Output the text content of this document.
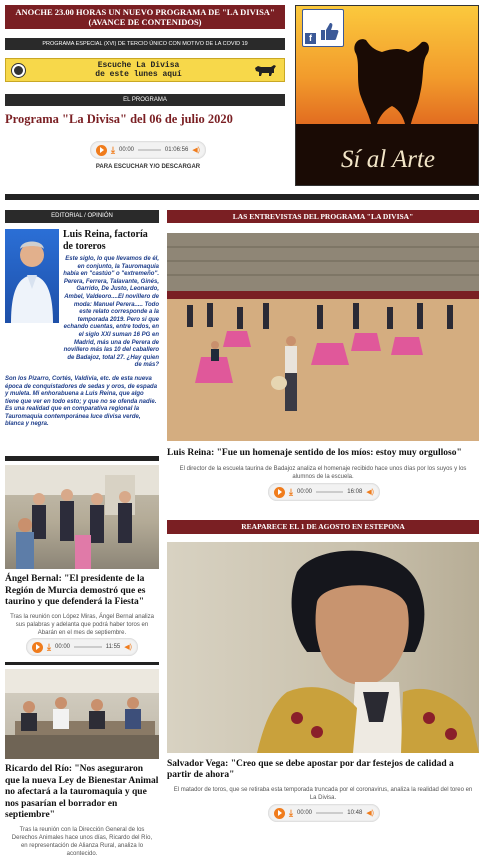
ANOCHE 23.00 HORAS UN NUEVO PROGRAMA DE "LA DIVISA"
(AVANCE DE CONTENIDOS)
PROGRAMA ESPECIAL (XVI) DE TERCIO ÚNICO CON MOTIVO DE LA COVID 19
Escuche La Divisa
de este lunes aquí
EL PROGRAMA
Programa "La Divisa" del 06 de julio 2020
⤓ 00:00	01:06:56 ◀)
PARA ESCUCHAR Y/O DESCARGAR	Sí al Arte
f
EDITORIAL / OPINIÓN
Luis Reina, factoría de toreros
Este siglo, lo que llevamos de él, en conjunto, la Tauromaquia había en "castúo" o "extremeño". Perera, Ferrera, Talavante, Ginés, Garrido, De Justo, Leonardo, Ambel, Valdeoro....El novillero de moda: Manuel Perera..... Todo este relato corresponde a la temporada 2019. Pero si que echando cuentas, entre todos, en el siglo XXI suman 16 PG en Madrid, más una de Perera de novillero más las 10 del caballero de Badajoz, total 27. ¿Hay quien de más?
Son los Pizarro, Cortés, Valdivia, etc. de esta nueva época de conquistadores de sedas y oros, de espada y muleta. Mi enhorabuena a Luis Reina, que algo tiene que ver en todo esto; y que no se ofenda nadie. Es una realidad que en comparativa regional la Tauromaquia contemporánea luce divisa verde, blanca y negra.
Ángel Bernal: "El presidente de la Región de Murcia demostró que es taurino y que defenderá la Fiesta"
Tras la reunión con López Miras, Ángel Bernal analiza sus palabras y adelanta que podrá haber toros en Abarán en el mes de septiembre.
⤓ 00:00	11:55 ◀)
Ricardo del Río: "Nos aseguraron que la nueva Ley de Bienestar Animal no afectará a la tauromaquia y que nos pasarían el borrador en septiembre"
Tras la reunión con la Dirección General de los Derechos Animales hace unos días, Ricardo del Río, en representación de Alianza Rural, analiza lo acontecido.
LAS ENTREVISTAS DEL PROGRAMA "LA DIVISA"
Luis Reina: "Fue un homenaje sentido de los míos: estoy muy orgulloso"
El director de la escuela taurina de Badajoz analiza el homenaje recibido hace unos días por los suyos y los alumnos de la escuela.
⤓ 00:00	16:08 ◀)
REAPARECE EL 1 DE AGOSTO EN ESTEPONA
Salvador Vega: "Creo que se debe apostar por dar festejos de calidad a partir de ahora"
El matador de toros, que se retiraba esta temporada truncada por el coronavirus, analiza la realidad del toreo en La Divisa.
⤓ 00:00	10:48 ◀)
